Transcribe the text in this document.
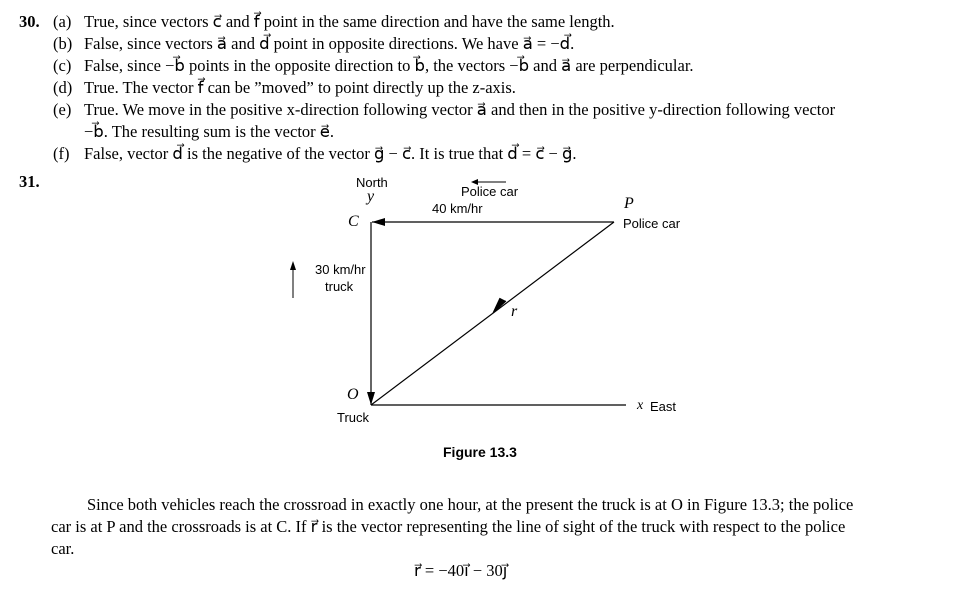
30. (a) True, since vectors c⃗ and f⃗ point in the same direction and have the same length.
(b) False, since vectors a⃗ and d⃗ point in opposite directions. We have a⃗ = −d⃗.
(c) False, since −b⃗ points in the opposite direction to b⃗, the vectors −b⃗ and a⃗ are perpendicular.
(d) True. The vector f⃗ can be ”moved” to point directly up the z-axis.
(e) True. We move in the positive x-direction following vector a⃗ and then in the positive y-direction following vector
−b⃗. The resulting sum is the vector e⃗.
(f) False, vector d⃗ is the negative of the vector g⃗ − c⃗. It is true that d⃗ = c⃗ − g⃗.
31.	North
y
C
Police car
40 km/hr	P
Police car
30 km/hr
truck
r⃗
O
Truck
x East
Figure 13.3
Since both vehicles reach the crossroad in exactly one hour, at the present the truck is at O in Figure 13.3; the police
car is at P and the crossroads is at C. If r⃗ is the vector representing the line of sight of the truck with respect to the police
car.
r⃗ = −40i⃗ − 30j⃗
